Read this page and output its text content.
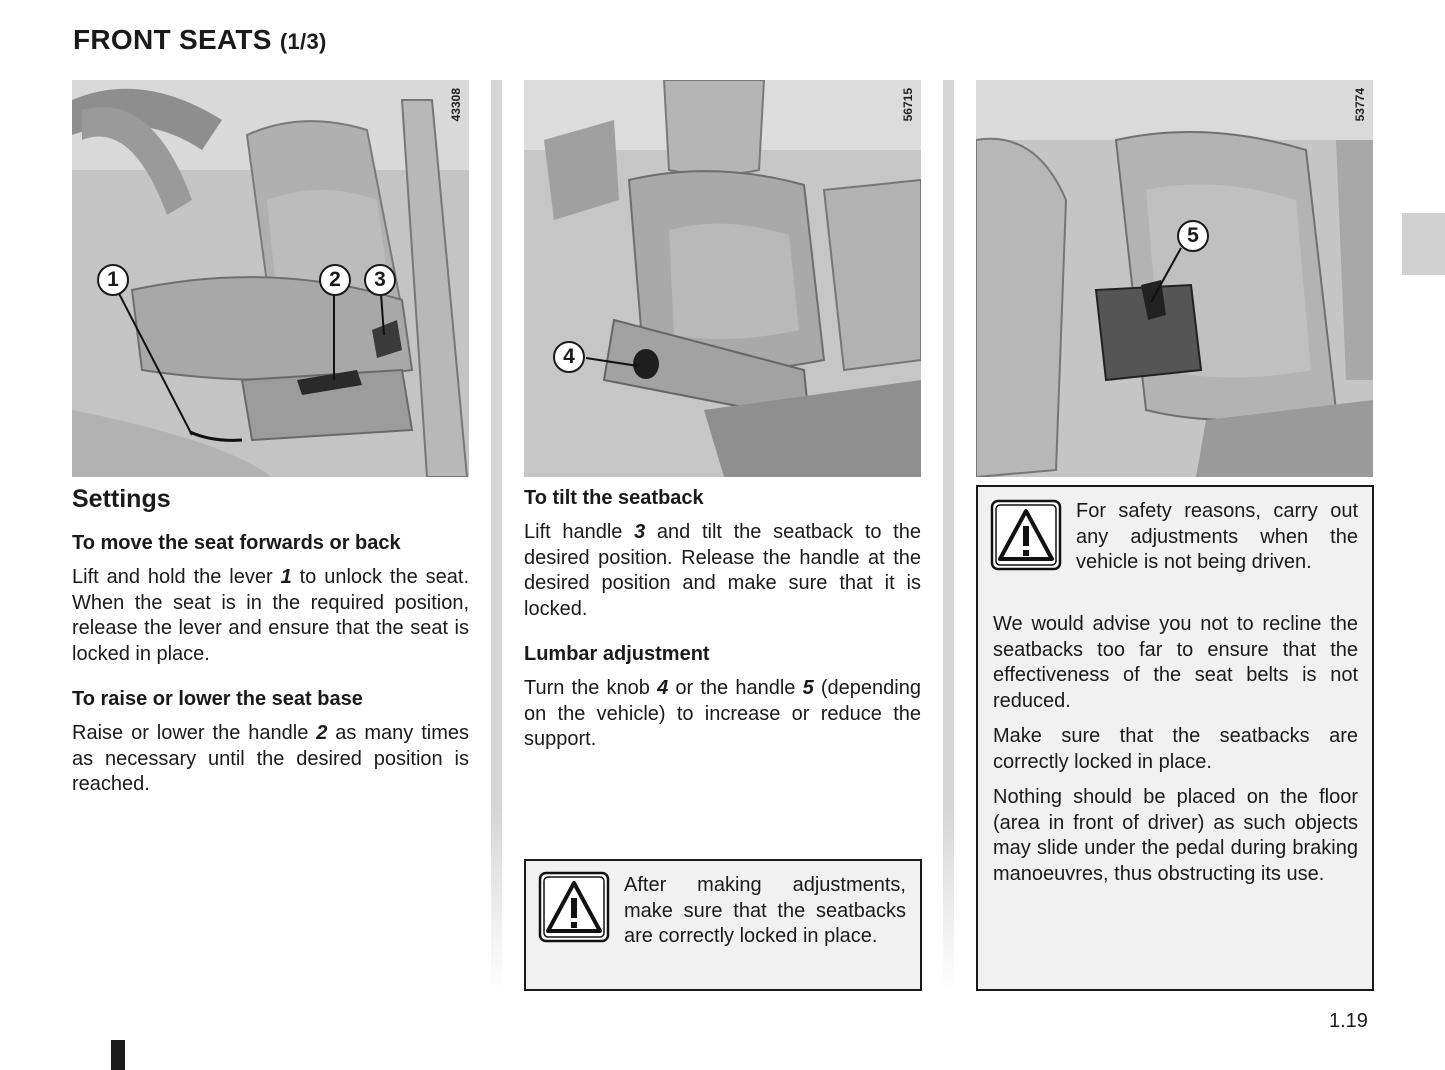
FRONT SEATS (1/3)
43308
1	2	3
56715
4
53774
5
Settings
To move the seat forwards or back

Lift and hold the lever 1 to unlock the seat. When the seat is in the required position, release the lever and ensure that the seat is locked in place.

To raise or lower the seat base

Raise or lower the handle 2 as many times as necessary until the desired position is reached.

To tilt the seatback

Lift handle 3 and tilt the seatback to the desired position. Release the handle at the desired position and make sure that it is locked.

Lumbar adjustment

Turn the knob 4 or the handle 5 (depending on the vehicle) to increase or reduce the support.

After making adjustments, make sure that the seatbacks are correctly locked in place.
For safety reasons, carry out any adjustments when the vehicle is not being driven.

We would advise you not to recline the seatbacks too far to ensure that the effectiveness of the seat belts is not reduced.

Make sure that the seatbacks are correctly locked in place.

Nothing should be placed on the floor (area in front of driver) as such objects may slide under the pedal during braking manoeuvres, thus obstructing its use.

1.19
